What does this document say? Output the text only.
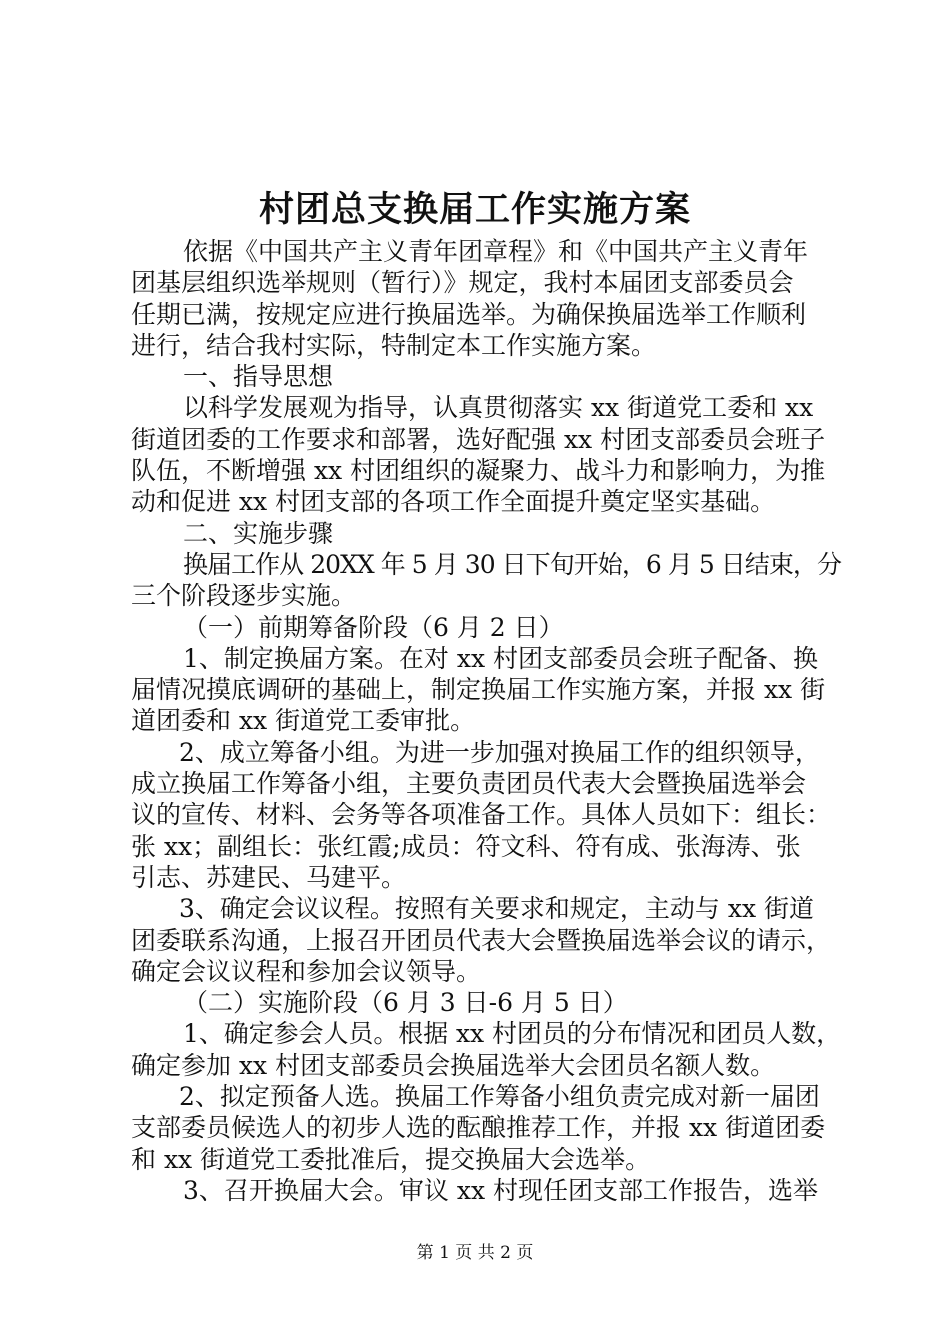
村团总支换届工作实施方案
依据《中国共产主义青年团章程》和《中国共产主义青年
团基层组织选举规则（暂行）》规定，我村本届团支部委员会
任期已满，按规定应进行换届选举。为确保换届选举工作顺利
进行，结合我村实际，特制定本工作实施方案。
一、指导思想
以科学发展观为指导，认真贯彻落实 xx 街道党工委和 xx
街道团委的工作要求和部署，选好配强 xx 村团支部委员会班子
队伍，不断增强 xx 村团组织的凝聚力、战斗力和影响力，为推
动和促进 xx 村团支部的各项工作全面提升奠定坚实基础。
二、实施步骤
换届工作从 20XX 年 5 月 30 日下旬开始，6 月 5 日结束，分
三个阶段逐步实施。
（一）前期筹备阶段（6 月 2 日）
1、制定换届方案。在对 xx 村团支部委员会班子配备、换
届情况摸底调研的基础上，制定换届工作实施方案，并报 xx 街
道团委和 xx 街道党工委审批。
2、成立筹备小组。为进一步加强对换届工作的组织领导，
成立换届工作筹备小组，主要负责团员代表大会暨换届选举会
议的宣传、材料、会务等各项准备工作。具体人员如下：组长：
张 xx；副组长：张红霞;成员：符文科、符有成、张海涛、张
引志、苏建民、马建平。
3、确定会议议程。按照有关要求和规定，主动与 xx 街道
团委联系沟通，上报召开团员代表大会暨换届选举会议的请示，
确定会议议程和参加会议领导。
（二）实施阶段（6 月 3 日-6 月 5 日）
1、确定参会人员。根据 xx 村团员的分布情况和团员人数，
确定参加 xx 村团支部委员会换届选举大会团员名额人数。
2、拟定预备人选。换届工作筹备小组负责完成对新一届团
支部委员候选人的初步人选的酝酿推荐工作，并报 xx 街道团委
和 xx 街道党工委批准后，提交换届大会选举。
3、召开换届大会。审议 xx 村现任团支部工作报告，选举
第 1 页 共 2 页
